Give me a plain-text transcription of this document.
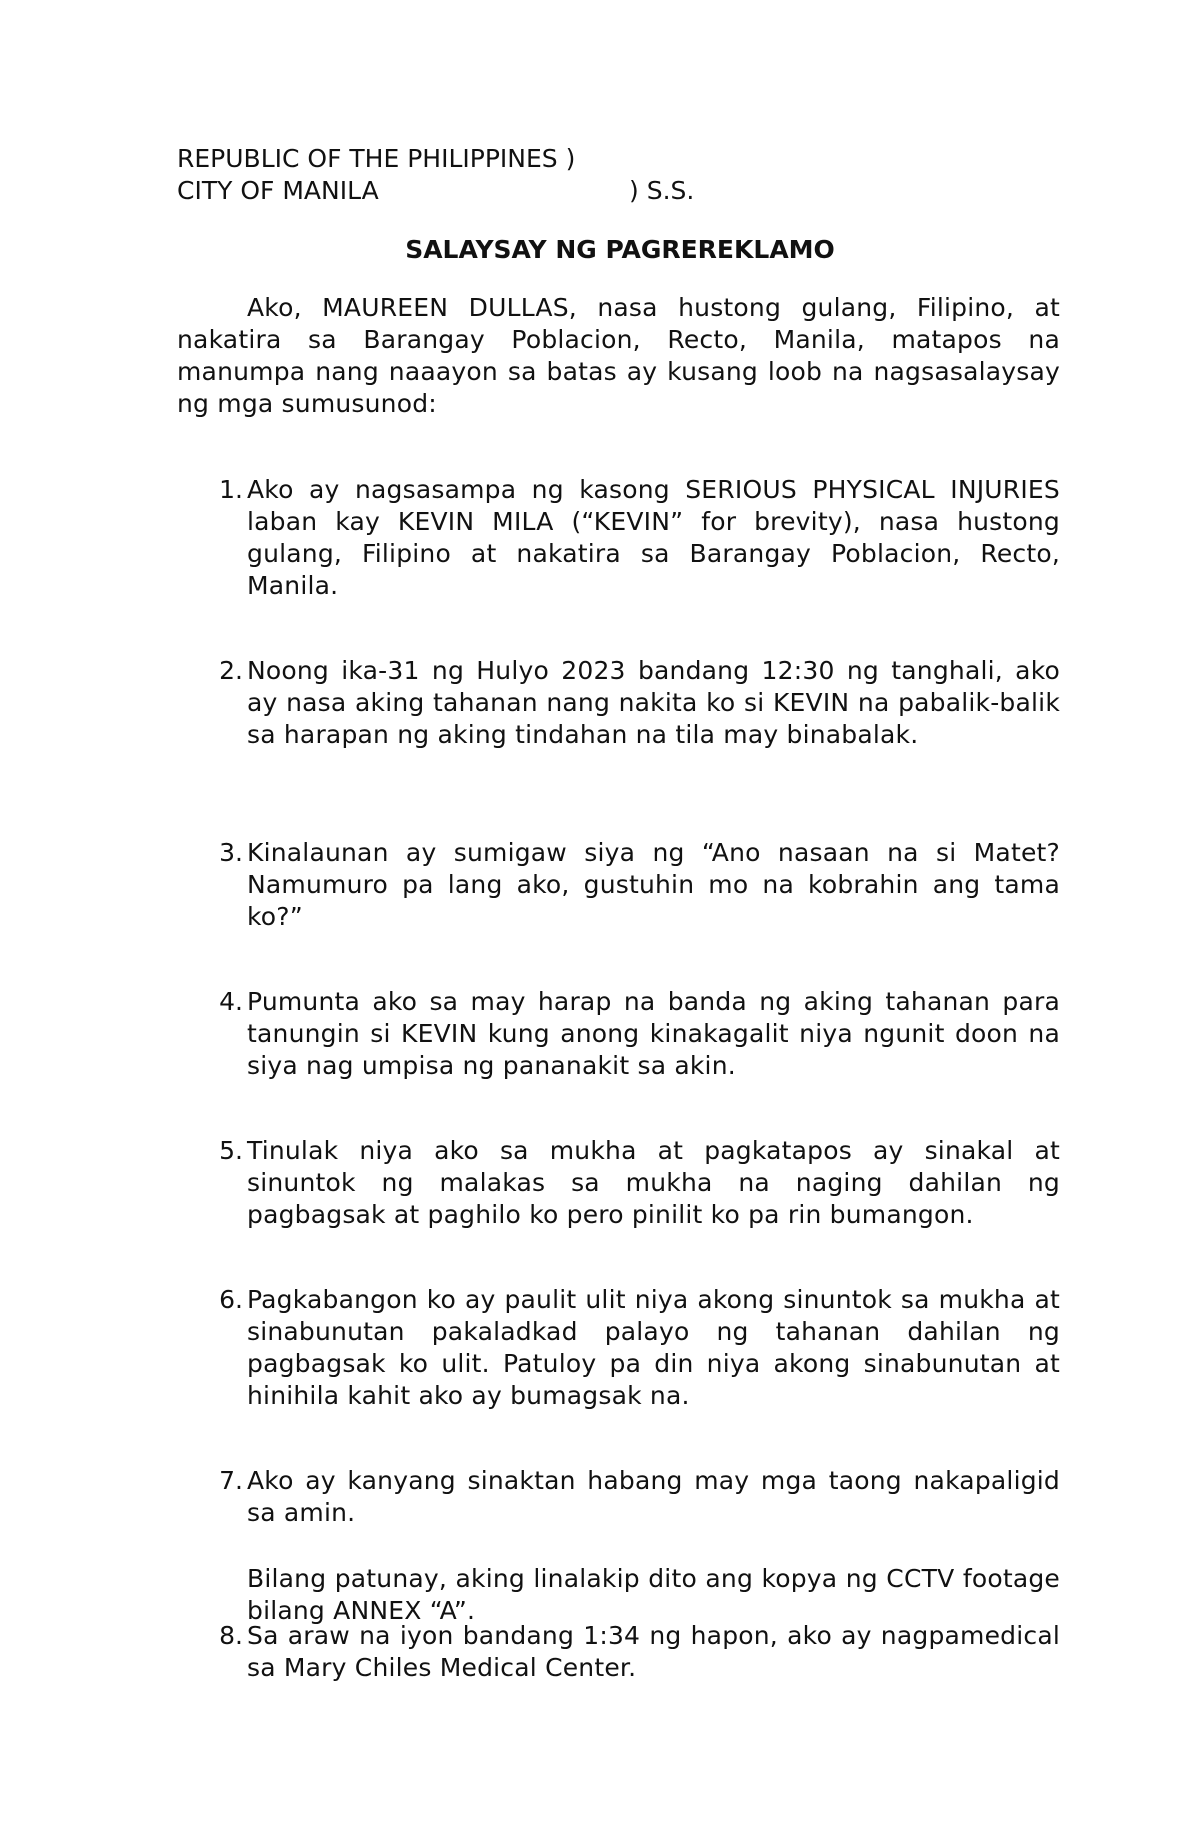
REPUBLIC OF THE PHILIPPINES )
CITY OF MANILA	) S.S.
SALAYSAY NG PAGREREKLAMO

Ako, MAUREEN DULLAS, nasa hustong gulang, Filipino, at nakatira sa Barangay Poblacion, Recto, Manila, matapos na manumpa nang naaayon sa batas ay kusang loob na nagsasalaysay ng mga sumusunod:

1. Ako ay nagsasampa ng kasong SERIOUS PHYSICAL INJURIES laban kay KEVIN MILA (“KEVIN” for brevity), nasa hustong gulang, Filipino at nakatira sa Barangay Poblacion, Recto, Manila.
2. Noong ika-31 ng Hulyo 2023 bandang 12:30 ng tanghali, ako ay nasa aking tahanan nang nakita ko si KEVIN na pabalik-balik sa harapan ng aking tindahan na tila may binabalak.
3. Kinalaunan ay sumigaw siya ng “Ano nasaan na si Matet? Namumuro pa lang ako, gustuhin mo na kobrahin ang tama ko?”
4. Pumunta ako sa may harap na banda ng aking tahanan para tanungin si KEVIN kung anong kinakagalit niya ngunit doon na siya nag umpisa ng pananakit sa akin.
5. Tinulak niya ako sa mukha at pagkatapos ay sinakal at sinuntok ng malakas sa mukha na naging dahilan ng pagbagsak at paghilo ko pero pinilit ko pa rin bumangon.
6. Pagkabangon ko ay paulit ulit niya akong sinuntok sa mukha at sinabunutan pakaladkad palayo ng tahanan dahilan ng pagbagsak ko ulit. Patuloy pa din niya akong sinabunutan at hinihila kahit ako ay bumagsak na.
7. Ako ay kanyang sinaktan habang may mga taong nakapaligid sa amin.
Bilang patunay, aking linalakip dito ang kopya ng CCTV footage bilang ANNEX “A”.
8. Sa araw na iyon bandang 1:34 ng hapon, ako ay nagpamedical sa Mary Chiles Medical Center.
